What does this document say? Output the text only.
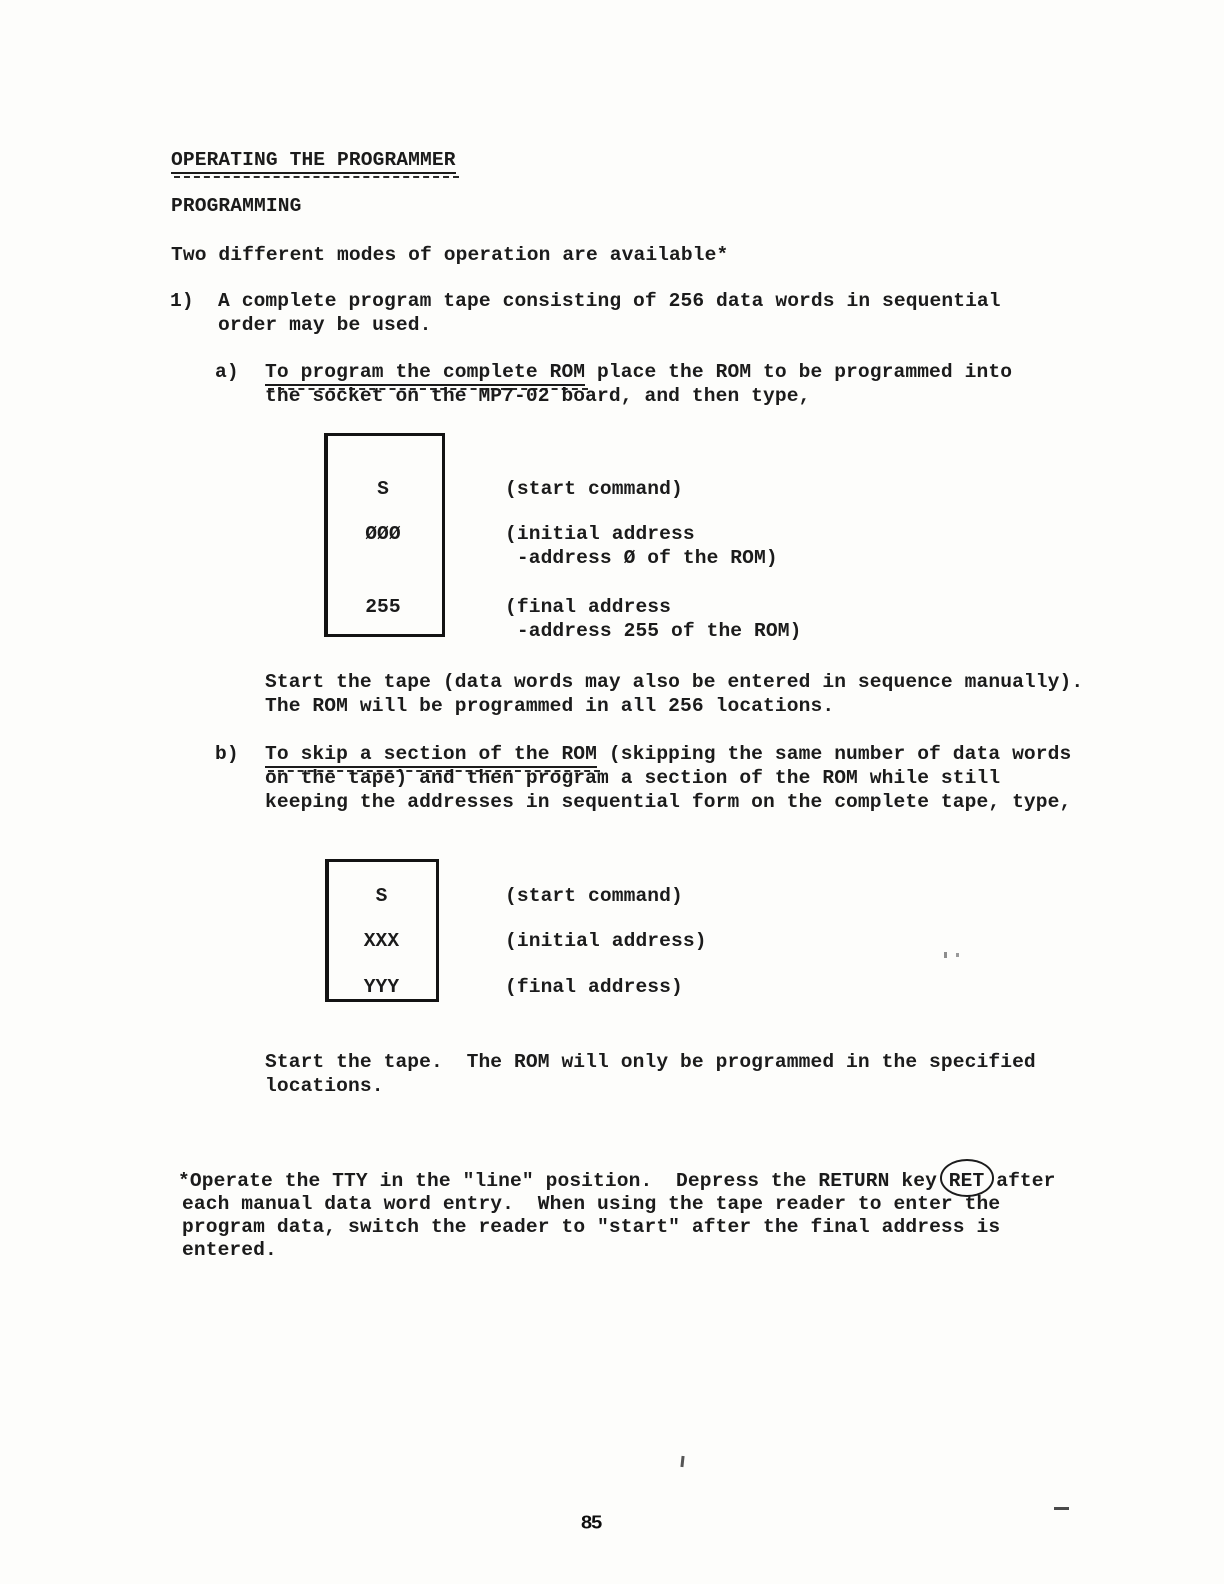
OPERATING THE PROGRAMMER
PROGRAMMING
Two different modes of operation are available*
1) A complete program tape consisting of 256 data words in sequential
order may be used.
a) To program the complete ROM place the ROM to be programmed into
the socket on the MP7-02 board, and then type,
S
ØØØ
255
(start command)
(initial address
-address Ø of the ROM)
(final address
-address 255 of the ROM)
Start the tape (data words may also be entered in sequence manually).
The ROM will be programmed in all 256 locations.
b) To skip a section of the ROM (skipping the same number of data words
on the tape) and then program a section of the ROM while still
keeping the addresses in sequential form on the complete tape, type,
S
XXX
YYY
(start command)
(initial address)
(final address)
Start the tape.  The ROM will only be programmed in the specified
locations.
*Operate the TTY in the "line" position.  Depress the RETURN key RET after
each manual data word entry.  When using the tape reader to enter the
program data, switch the reader to "start" after the final address is
entered.
85
